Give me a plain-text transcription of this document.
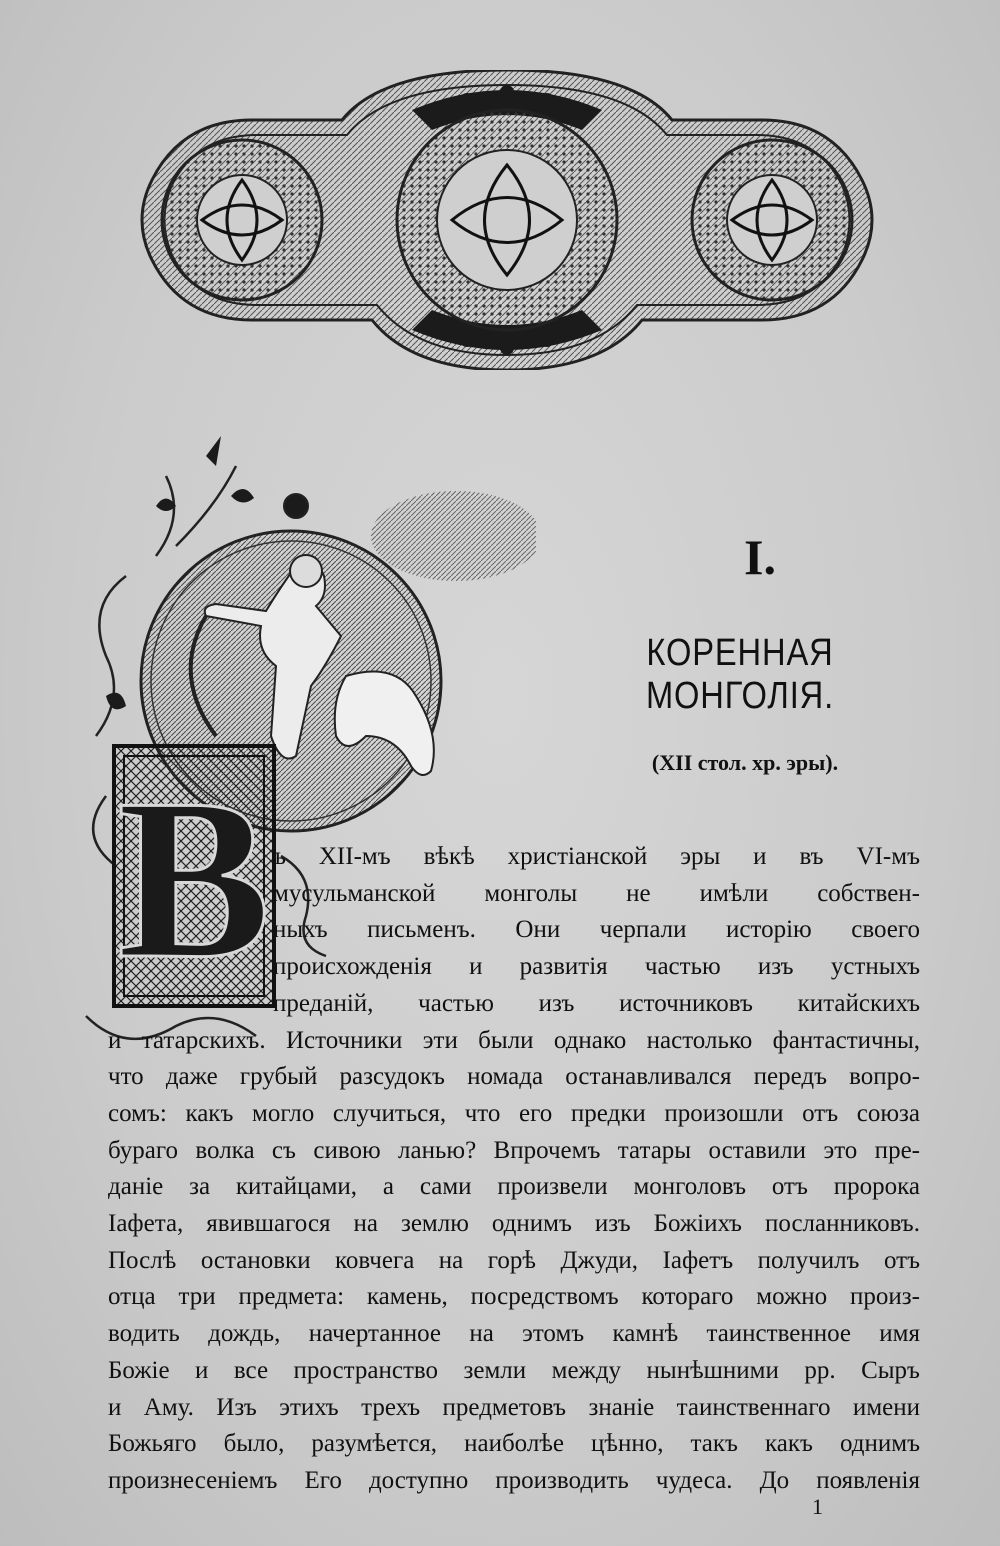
В
I.
КОРЕННАЯ МОНГОЛІЯ.
(XII стол. хр. эры).
ъ XII-мъ вѣкѣ христіанской эры и въ VI-мъ
мусульманской монголы не имѣли собствен-
ныхъ письменъ. Они черпали исторію своего
происхожденія и развитія частью изъ устныхъ
преданій, частью изъ источниковъ китайскихъ
и татарскихъ. Источники эти были однако настолько фантастичны,
что даже грубый разсудокъ номада останавливался передъ вопро-
сомъ: какъ могло случиться, что его предки произошли отъ союза
бураго волка съ сивою ланью? Впрочемъ татары оставили это пре-
даніе за китайцами, а сами произвели монголовъ отъ пророка
Іафета, явившагося на землю однимъ изъ Божіихъ посланниковъ.
Послѣ остановки ковчега на горѣ Джуди, Іафетъ получилъ отъ
отца три предмета: камень, посредствомъ котораго можно произ-
водить дождь, начертанное на этомъ камнѣ таинственное имя
Божіе и все пространство земли между нынѣшними рр. Сыръ
и Аму. Изъ этихъ трехъ предметовъ знаніе таинственнаго имени
Божьяго было, разумѣется, наиболѣе цѣнно, такъ какъ однимъ
произнесеніемъ Его доступно производить чудеса. До появленія
1
